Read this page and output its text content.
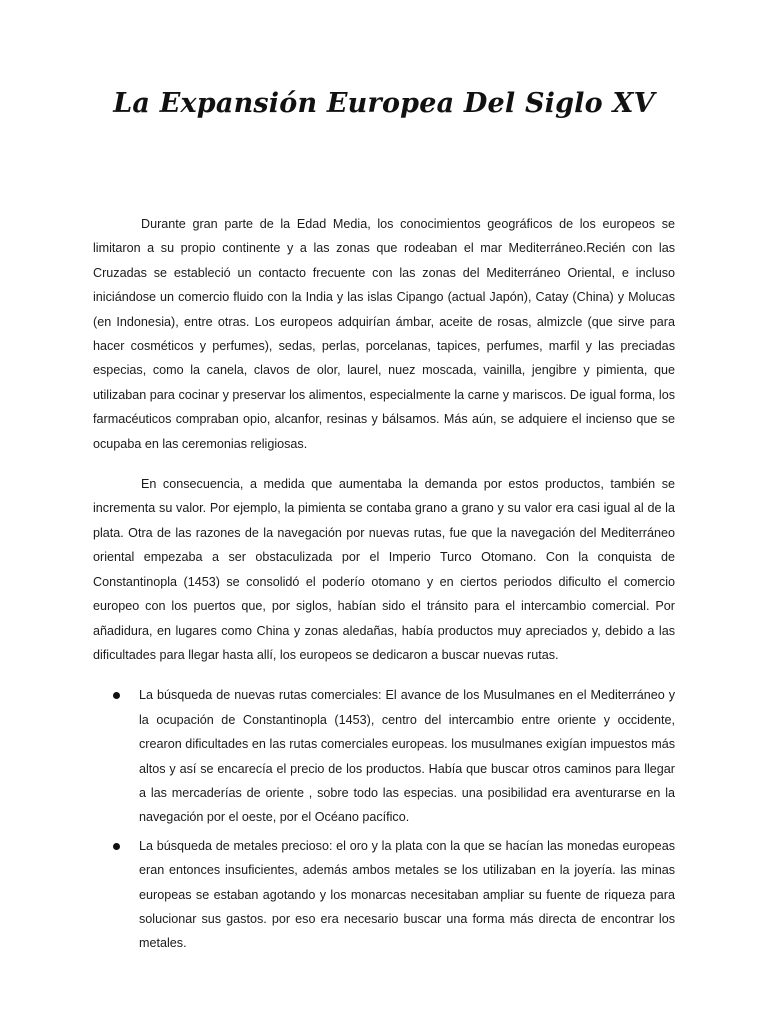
La Expansión Europea Del Siglo XV

Durante gran parte de la Edad Media, los conocimientos geográficos de los europeos se limitaron a su propio continente y a las zonas que rodeaban el mar Mediterráneo.Recién con las Cruzadas se estableció un contacto frecuente con las zonas del Mediterráneo Oriental, e incluso iniciándose un comercio fluido con la India y las islas Cipango (actual Japón), Catay (China) y Molucas (en Indonesia), entre otras. Los europeos adquirían ámbar, aceite de rosas, almizcle (que sirve para hacer cosméticos y perfumes), sedas, perlas, porcelanas, tapices, perfumes, marfil y las preciadas especias, como la canela, clavos de olor, laurel, nuez moscada, vainilla, jengibre y pimienta, que utilizaban para cocinar y preservar los alimentos, especialmente la carne y mariscos. De igual forma, los farmacéuticos compraban opio, alcanfor, resinas y bálsamos. Más aún, se adquiere el incienso que se ocupaba en las ceremonias religiosas.

En consecuencia, a medida que aumentaba la demanda por estos productos, también se incrementa su valor. Por ejemplo, la pimienta se contaba grano a grano y su valor era casi igual al de la plata. Otra de las razones de la navegación por nuevas rutas, fue que la navegación del Mediterráneo oriental empezaba a ser obstaculizada por el Imperio Turco Otomano. Con la conquista de Constantinopla (1453) se consolidó el poderío otomano y en ciertos periodos dificulto el comercio europeo con los puertos que, por siglos, habían sido el tránsito para el intercambio comercial. Por añadidura, en lugares como China y zonas aledañas, había productos muy apreciados y, debido a las dificultades para llegar hasta allí, los europeos se dedicaron a buscar nuevas rutas.

La búsqueda de nuevas rutas comerciales: El avance de los Musulmanes en el Mediterráneo y la ocupación de Constantinopla (1453), centro del intercambio entre oriente y occidente, crearon dificultades en las rutas comerciales europeas. los musulmanes exigían impuestos más altos y así se encarecía el precio de los productos. Había que buscar otros caminos para llegar a las mercaderías de oriente , sobre todo las especias. una posibilidad era aventurarse en la navegación por el oeste, por el Océano pacífico.
La búsqueda de metales precioso: el oro y la plata con la que se hacían las monedas europeas eran entonces insuficientes, además ambos metales se los utilizaban en la joyería. las minas europeas se estaban agotando y los monarcas necesitaban ampliar su fuente de riqueza para solucionar sus gastos. por eso era necesario buscar una forma más directa de encontrar los metales.
